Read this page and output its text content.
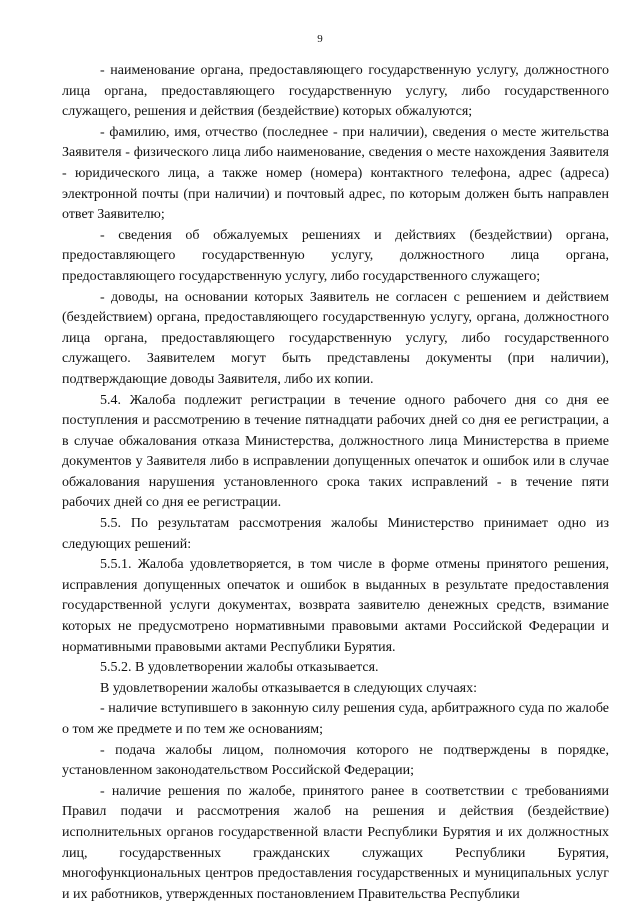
9

- наименование органа, предоставляющего государственную услугу, должностного лица органа, предоставляющего государственную услугу, либо государственного служащего, решения и действия (бездействие) которых обжалуются;

- фамилию, имя, отчество (последнее - при наличии), сведения о месте жительства Заявителя - физического лица либо наименование, сведения о месте нахождения Заявителя - юридического лица, а также номер (номера) контактного телефона, адрес (адреса) электронной почты (при наличии) и почтовый адрес, по которым должен быть направлен ответ Заявителю;

- сведения об обжалуемых решениях и действиях (бездействии) органа, предоставляющего государственную услугу, должностного лица органа, предоставляющего государственную услугу, либо государственного служащего;

- доводы, на основании которых Заявитель не согласен с решением и действием (бездействием) органа, предоставляющего государственную услугу, органа, должностного лица органа, предоставляющего государственную услугу, либо государственного служащего. Заявителем могут быть представлены документы (при наличии), подтверждающие доводы Заявителя, либо их копии.

5.4. Жалоба подлежит регистрации в течение одного рабочего дня со дня ее поступления и рассмотрению в течение пятнадцати рабочих дней со дня ее регистрации, а в случае обжалования отказа Министерства, должностного лица Министерства в приеме документов у Заявителя либо в исправлении допущенных опечаток и ошибок или в случае обжалования нарушения установленного срока таких исправлений - в течение пяти рабочих дней со дня ее регистрации.

5.5. По результатам рассмотрения жалобы Министерство принимает одно из следующих решений:

5.5.1. Жалоба удовлетворяется, в том числе в форме отмены принятого решения, исправления допущенных опечаток и ошибок в выданных в результате предоставления государственной услуги документах, возврата заявителю денежных средств, взимание которых не предусмотрено нормативными правовыми актами Российской Федерации и нормативными правовыми актами Республики Бурятия.

5.5.2. В удовлетворении жалобы отказывается.

В удовлетворении жалобы отказывается в следующих случаях:

- наличие вступившего в законную силу решения суда, арбитражного суда по жалобе о том же предмете и по тем же основаниям;

- подача жалобы лицом, полномочия которого не подтверждены в порядке, установленном законодательством Российской Федерации;

- наличие решения по жалобе, принятого ранее в соответствии с требованиями Правил подачи и рассмотрения жалоб на решения и действия (бездействие) исполнительных органов государственной власти Республики Бурятия и их должностных лиц, государственных гражданских служащих Республики Бурятия, многофункциональных центров предоставления государственных и муниципальных услуг и их работников, утвержденных постановлением Правительства Республики
